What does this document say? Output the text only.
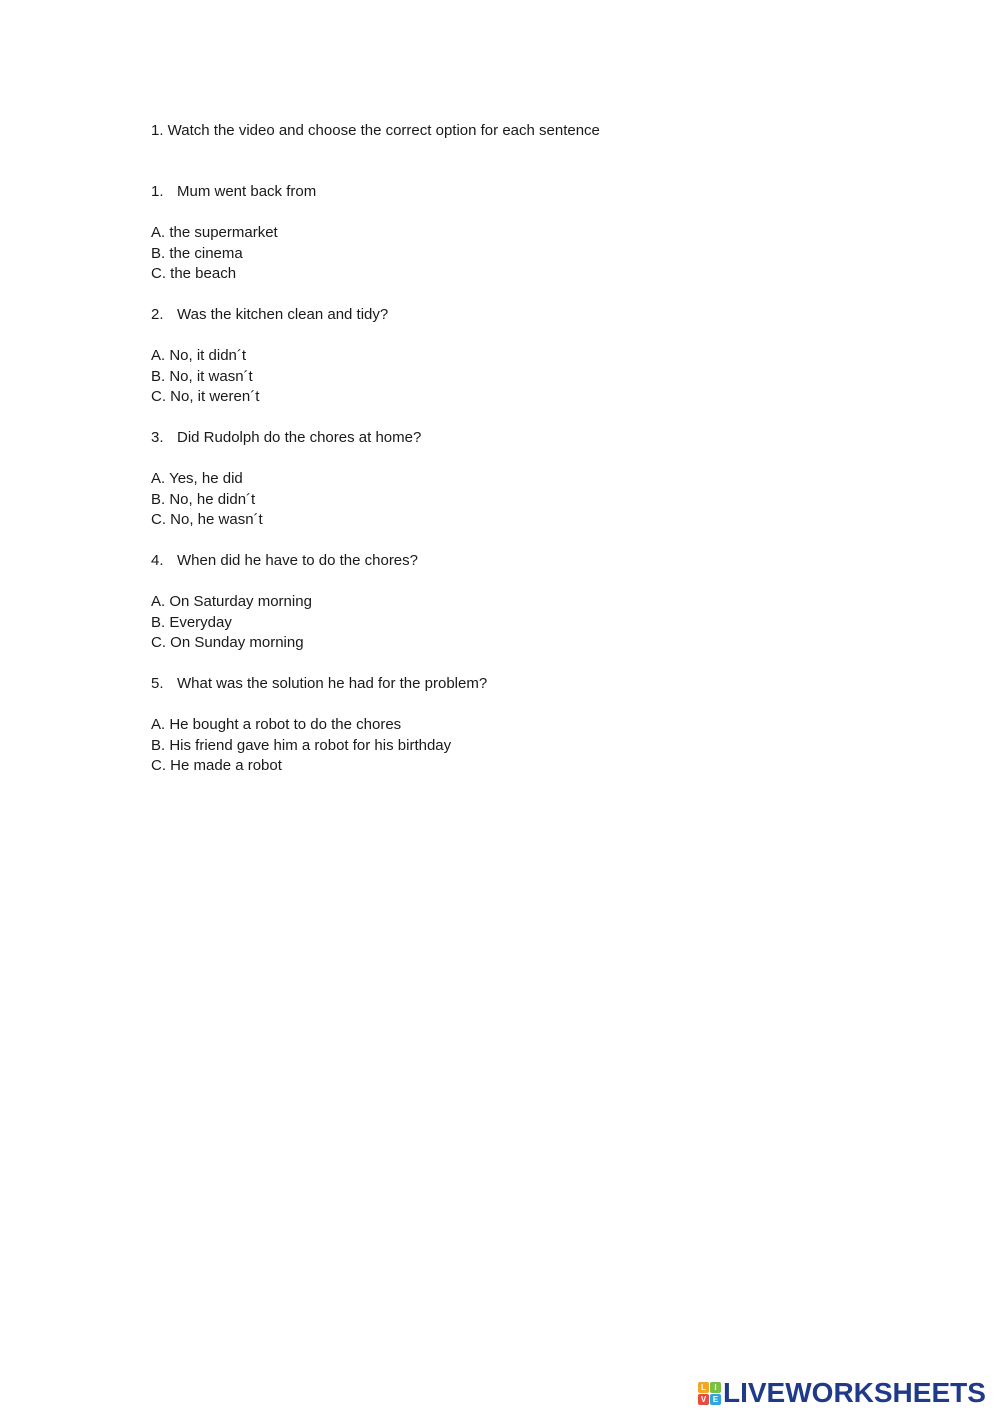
1. Watch the video and choose the correct option for each sentence
1. Mum went back from
A. the supermarket
B. the cinema
C. the beach
2. Was the kitchen clean and tidy?
A. No, it didn´t
B. No, it wasn´t
C. No, it weren´t
3. Did Rudolph do the chores at home?
A. Yes, he did
B. No, he didn´t
C. No, he wasn´t
4. When did he have to do the chores?
A. On Saturday morning
B. Everyday
C. On Sunday morning
5. What was the solution he had for the problem?
A. He bought a robot to do the chores
B. His friend gave him a robot for his birthday
C. He made a robot
L	I
V E LIVEWORKSHEETS
